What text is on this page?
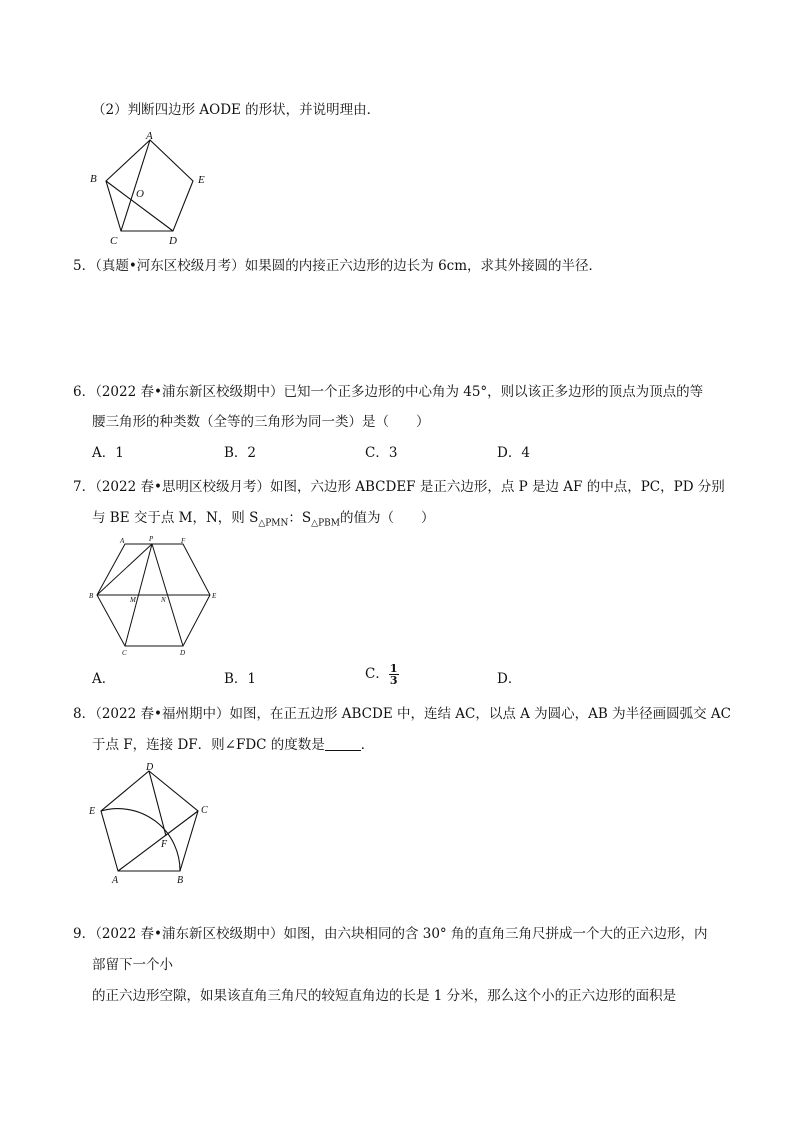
（2）判断四边形 AODE 的形状，并说明理由．
A
B	E
C	D
O
5．（真题•河东区校级月考）如果圆的内接正六边形的边长为 6cm，求其外接圆的半径．
6．（2022 春•浦东新区校级期中）已知一个正多边形的中心角为 45°，则以该正多边形的顶点为顶点的等
腰三角形的种类数（全等的三角形为同一类）是（　　）
A．1	B．2	C．3	D．4
7．（2022 春•思明区校级月考）如图，六边形 ABCDEF 是正六边形，点 P 是边 AF 的中点，PC，PD 分别
与 BE 交于点 M，N，则 $S_{\triangle PMN}$：$S_{\triangle PBM}$的值为（　　）
A	P	F
B	M	N	E
C	D
A．	B．1	C． $\frac{1}{3}$	D．
8．（2022 春•福州期中）如图，在正五边形 ABCDE 中，连结 AC，以点 A 为圆心，AB 为半径画圆弧交 AC
于点 F，连接 DF．则∠FDC 的度数是	．
D
E	C
F
A	B
9．（2022 春•浦东新区校级期中）如图，由六块相同的含 30° 角的直角三角尺拼成一个大的正六边形，内
部留下一个小
的正六边形空隙，如果该直角三角尺的较短直角边的长是 1 分米，那么这个小的正六边形的面积是
